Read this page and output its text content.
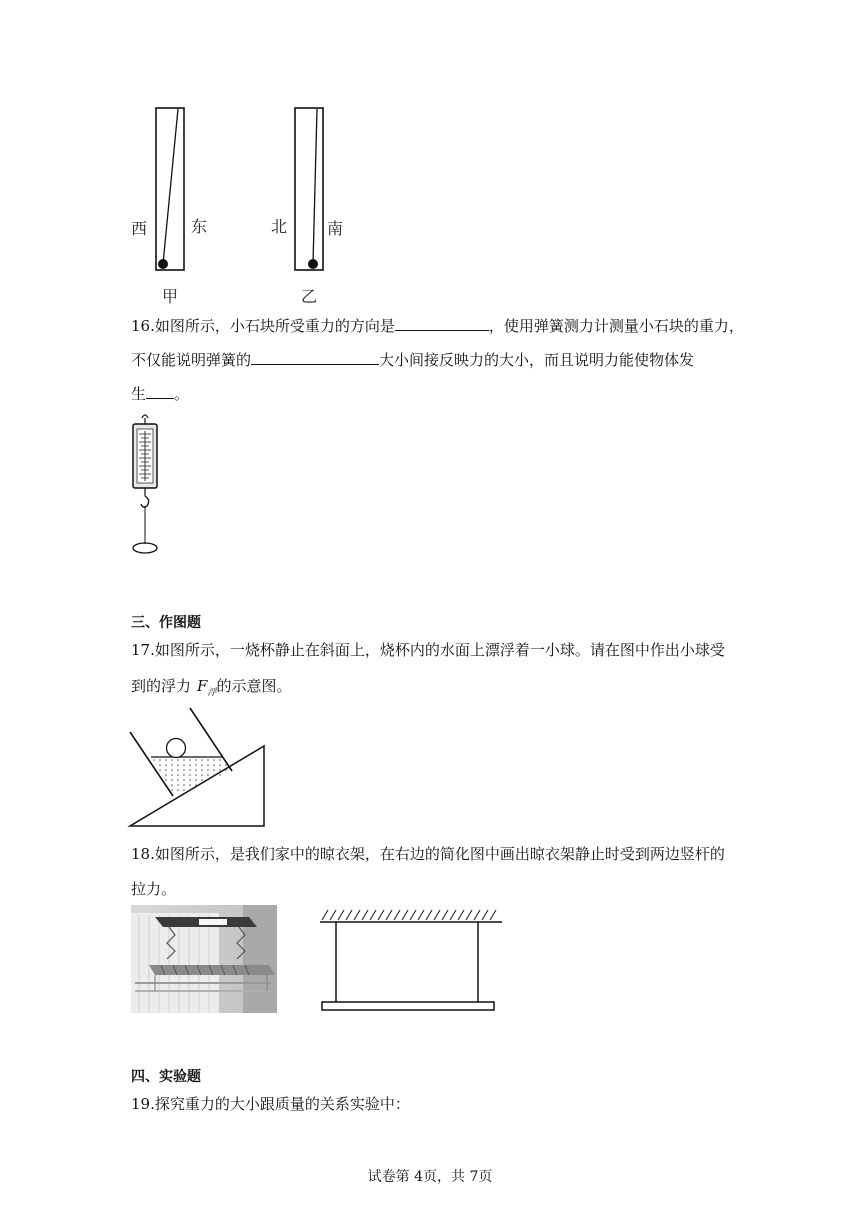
西	东	北 南
甲	乙
16.如图所示，小石块所受重力的方向是	，使用弹簧测力计测量小石块的重力，
不仅能说明弹簧的	大小间接反映力的大小，而且说明力能使物体发
生 。
三、作图题
17.如图所示，一烧杯静止在斜面上，烧杯内的水面上漂浮着一小球。请在图中作出小球受
到的浮力 $F_浮$的示意图。
18.如图所示，是我们家中的晾衣架，在右边的简化图中画出晾衣架静止时受到两边竖杆的
拉力。
四、实验题
19.探究重力的大小跟质量的关系实验中：
试卷第 4页，共 7页
